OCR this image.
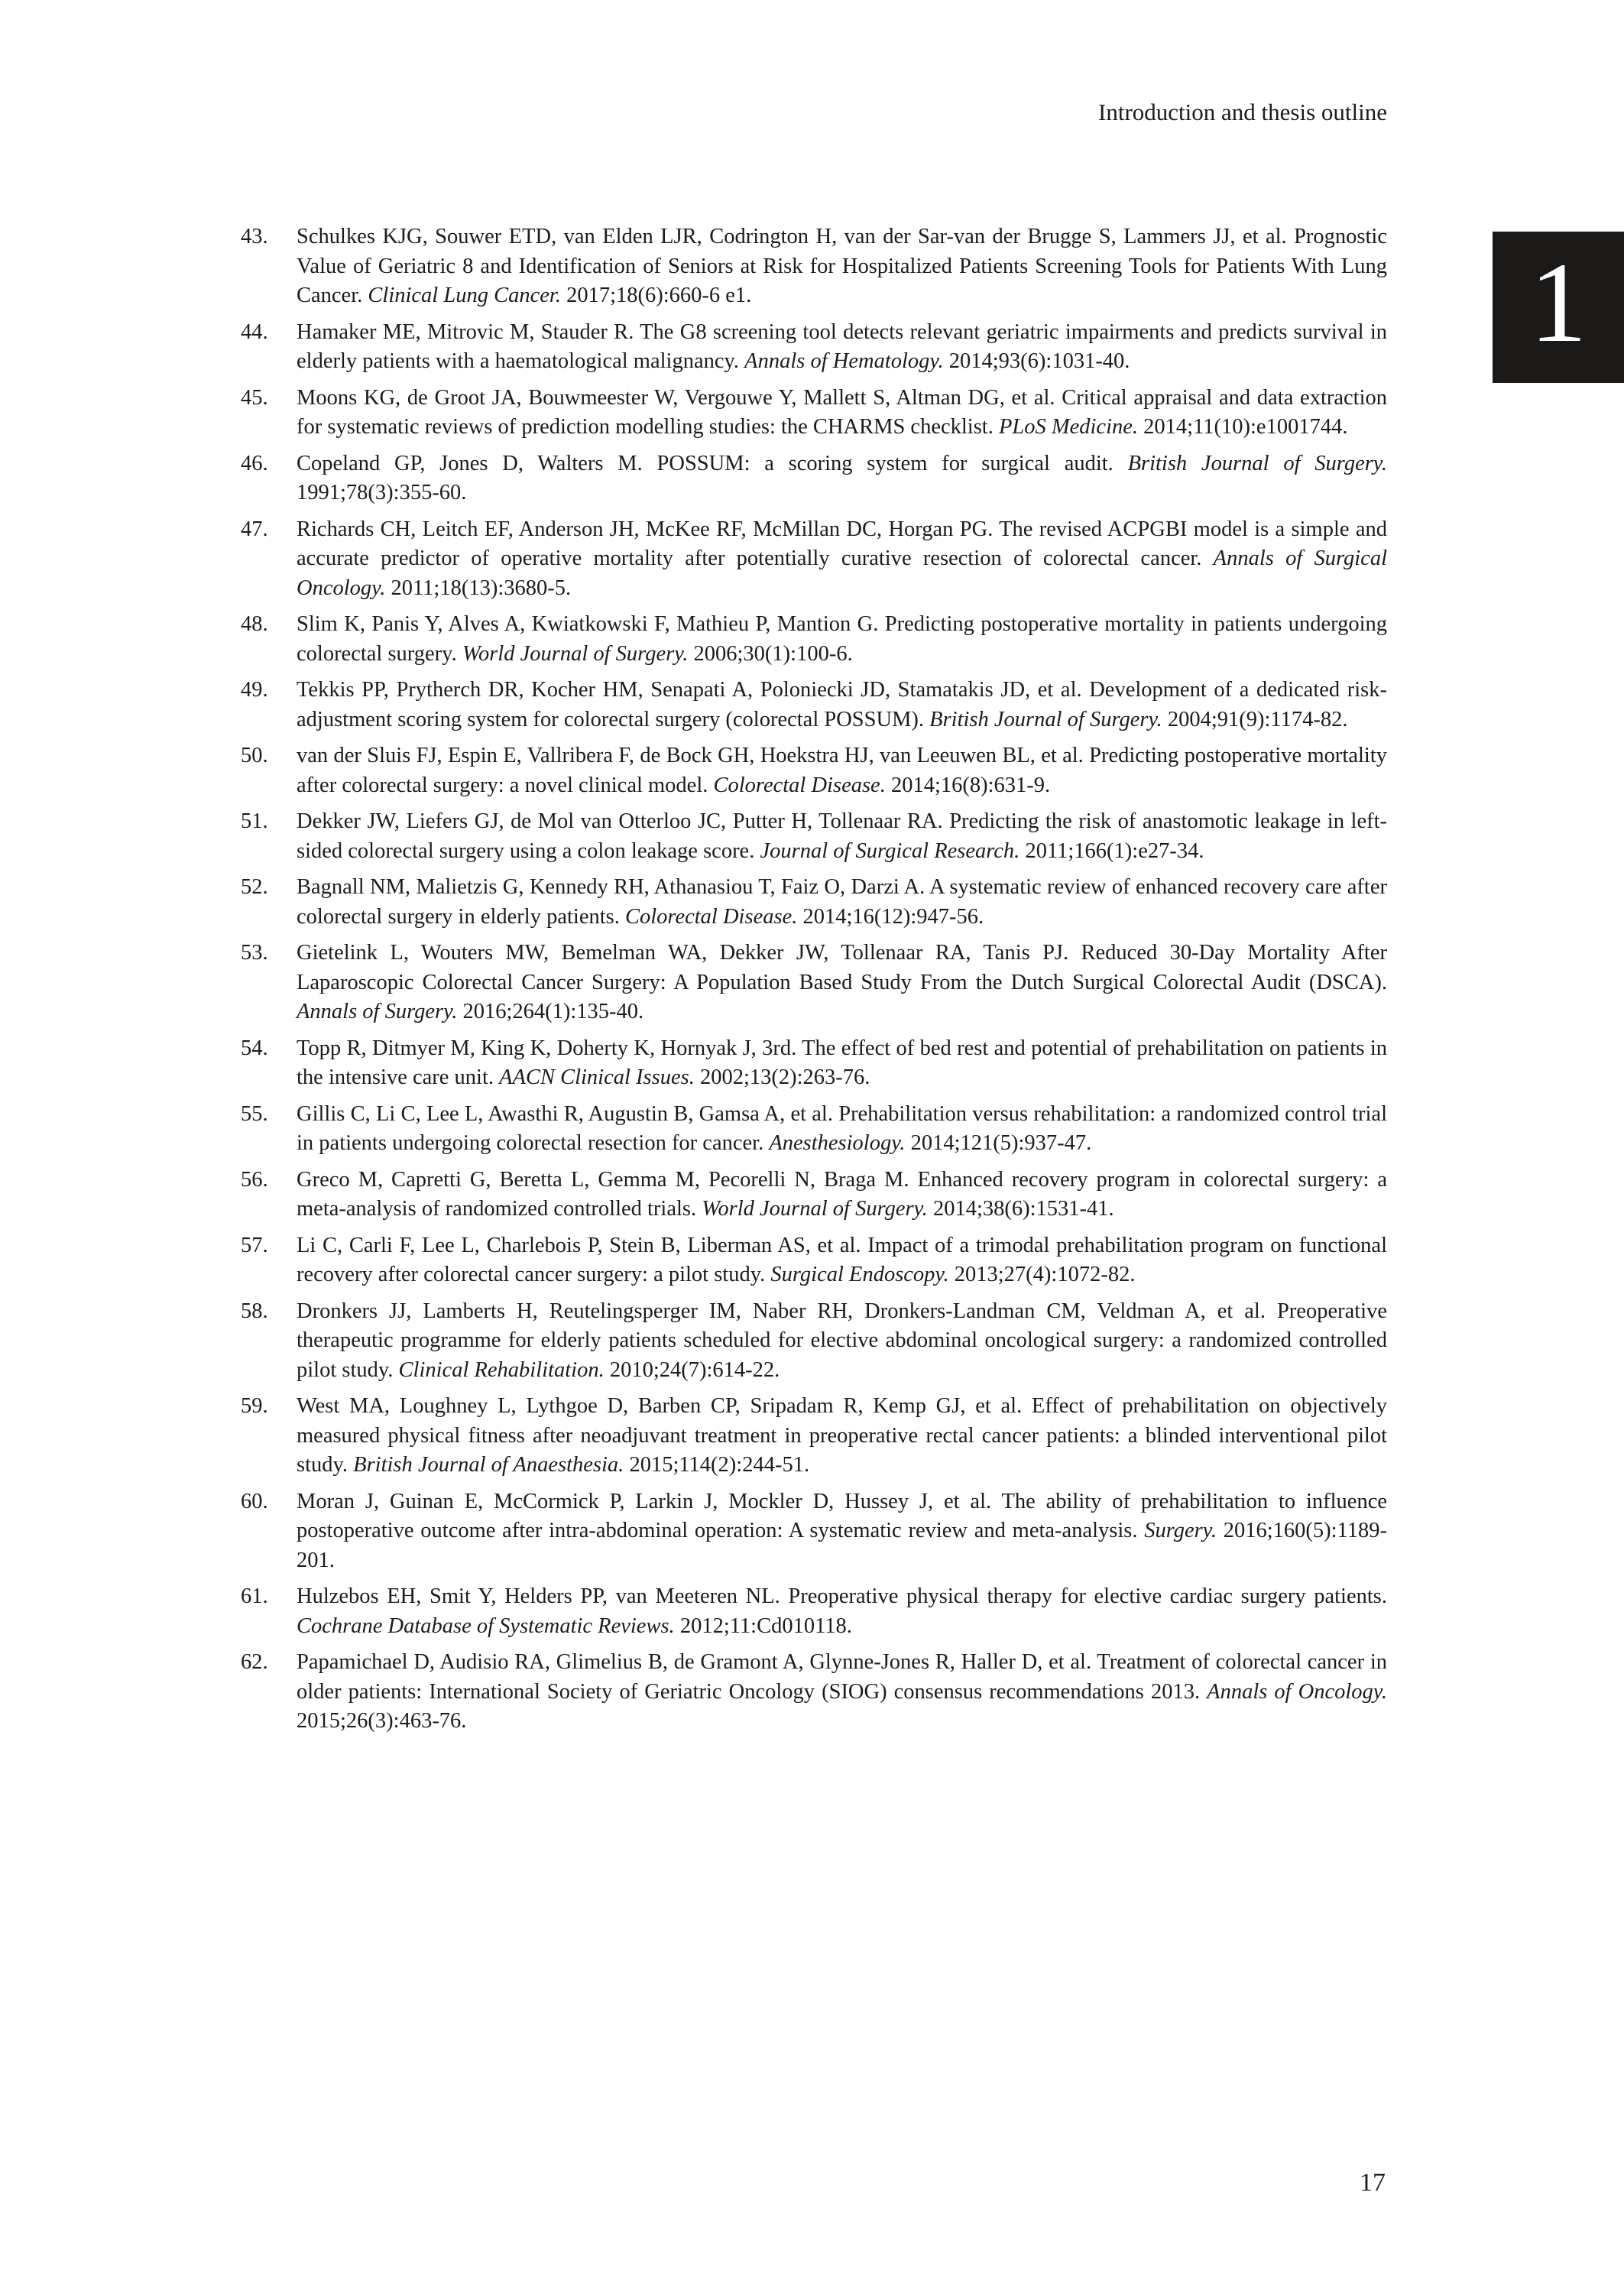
Introduction and thesis outline
1
43.	Schulkes KJG, Souwer ETD, van Elden LJR, Codrington H, van der Sar-van der Brugge S, Lammers JJ, et al. Prognostic Value of Geriatric 8 and Identification of Seniors at Risk for Hospitalized Patients Screening Tools for Patients With Lung Cancer. Clinical Lung Cancer. 2017;18(6):660-6 e1.
44.	Hamaker ME, Mitrovic M, Stauder R. The G8 screening tool detects relevant geriatric impairments and predicts survival in elderly patients with a haematological malignancy. Annals of Hematology. 2014;93(6):1031-40.
45.	Moons KG, de Groot JA, Bouwmeester W, Vergouwe Y, Mallett S, Altman DG, et al. Critical appraisal and data extraction for systematic reviews of prediction modelling studies: the CHARMS checklist. PLoS Medicine. 2014;11(10):e1001744.
46.	Copeland GP, Jones D, Walters M. POSSUM: a scoring system for surgical audit. British Journal of Surgery. 1991;78(3):355-60.
47.	Richards CH, Leitch EF, Anderson JH, McKee RF, McMillan DC, Horgan PG. The revised ACPGBI model is a simple and accurate predictor of operative mortality after potentially curative resection of colorectal cancer. Annals of Surgical Oncology. 2011;18(13):3680-5.
48.	Slim K, Panis Y, Alves A, Kwiatkowski F, Mathieu P, Mantion G. Predicting postoperative mortality in patients undergoing colorectal surgery. World Journal of Surgery. 2006;30(1):100-6.
49.	Tekkis PP, Prytherch DR, Kocher HM, Senapati A, Poloniecki JD, Stamatakis JD, et al. Development of a dedicated risk-adjustment scoring system for colorectal surgery (colorectal POSSUM). British Journal of Surgery. 2004;91(9):1174-82.
50.	van der Sluis FJ, Espin E, Vallribera F, de Bock GH, Hoekstra HJ, van Leeuwen BL, et al. Predicting postoperative mortality after colorectal surgery: a novel clinical model. Colorectal Disease. 2014;16(8):631-9.
51.	Dekker JW, Liefers GJ, de Mol van Otterloo JC, Putter H, Tollenaar RA. Predicting the risk of anastomotic leakage in left-sided colorectal surgery using a colon leakage score. Journal of Surgical Research. 2011;166(1):e27-34.
52.	Bagnall NM, Malietzis G, Kennedy RH, Athanasiou T, Faiz O, Darzi A. A systematic review of enhanced recovery care after colorectal surgery in elderly patients. Colorectal Disease. 2014;16(12):947-56.
53.	Gietelink L, Wouters MW, Bemelman WA, Dekker JW, Tollenaar RA, Tanis PJ. Reduced 30-Day Mortality After Laparoscopic Colorectal Cancer Surgery: A Population Based Study From the Dutch Surgical Colorectal Audit (DSCA). Annals of Surgery. 2016;264(1):135-40.
54.	Topp R, Ditmyer M, King K, Doherty K, Hornyak J, 3rd. The effect of bed rest and potential of prehabilitation on patients in the intensive care unit. AACN Clinical Issues. 2002;13(2):263-76.
55.	Gillis C, Li C, Lee L, Awasthi R, Augustin B, Gamsa A, et al. Prehabilitation versus rehabilitation: a randomized control trial in patients undergoing colorectal resection for cancer. Anesthesiology. 2014;121(5):937-47.
56.	Greco M, Capretti G, Beretta L, Gemma M, Pecorelli N, Braga M. Enhanced recovery program in colorectal surgery: a meta-analysis of randomized controlled trials. World Journal of Surgery. 2014;38(6):1531-41.
57.	Li C, Carli F, Lee L, Charlebois P, Stein B, Liberman AS, et al. Impact of a trimodal prehabilitation program on functional recovery after colorectal cancer surgery: a pilot study. Surgical Endoscopy. 2013;27(4):1072-82.
58.	Dronkers JJ, Lamberts H, Reutelingsperger IM, Naber RH, Dronkers-Landman CM, Veldman A, et al. Preoperative therapeutic programme for elderly patients scheduled for elective abdominal oncological surgery: a randomized controlled pilot study. Clinical Rehabilitation. 2010;24(7):614-22.
59.	West MA, Loughney L, Lythgoe D, Barben CP, Sripadam R, Kemp GJ, et al. Effect of prehabilitation on objectively measured physical fitness after neoadjuvant treatment in preoperative rectal cancer patients: a blinded interventional pilot study. British Journal of Anaesthesia. 2015;114(2):244-51.
60.	Moran J, Guinan E, McCormick P, Larkin J, Mockler D, Hussey J, et al. The ability of prehabilitation to influence postoperative outcome after intra-abdominal operation: A systematic review and meta-analysis. Surgery. 2016;160(5):1189-201.
61.	Hulzebos EH, Smit Y, Helders PP, van Meeteren NL. Preoperative physical therapy for elective cardiac surgery patients. Cochrane Database of Systematic Reviews. 2012;11:Cd010118.
62.	Papamichael D, Audisio RA, Glimelius B, de Gramont A, Glynne-Jones R, Haller D, et al. Treatment of colorectal cancer in older patients: International Society of Geriatric Oncology (SIOG) consensus recommendations 2013. Annals of Oncology. 2015;26(3):463-76.
17
